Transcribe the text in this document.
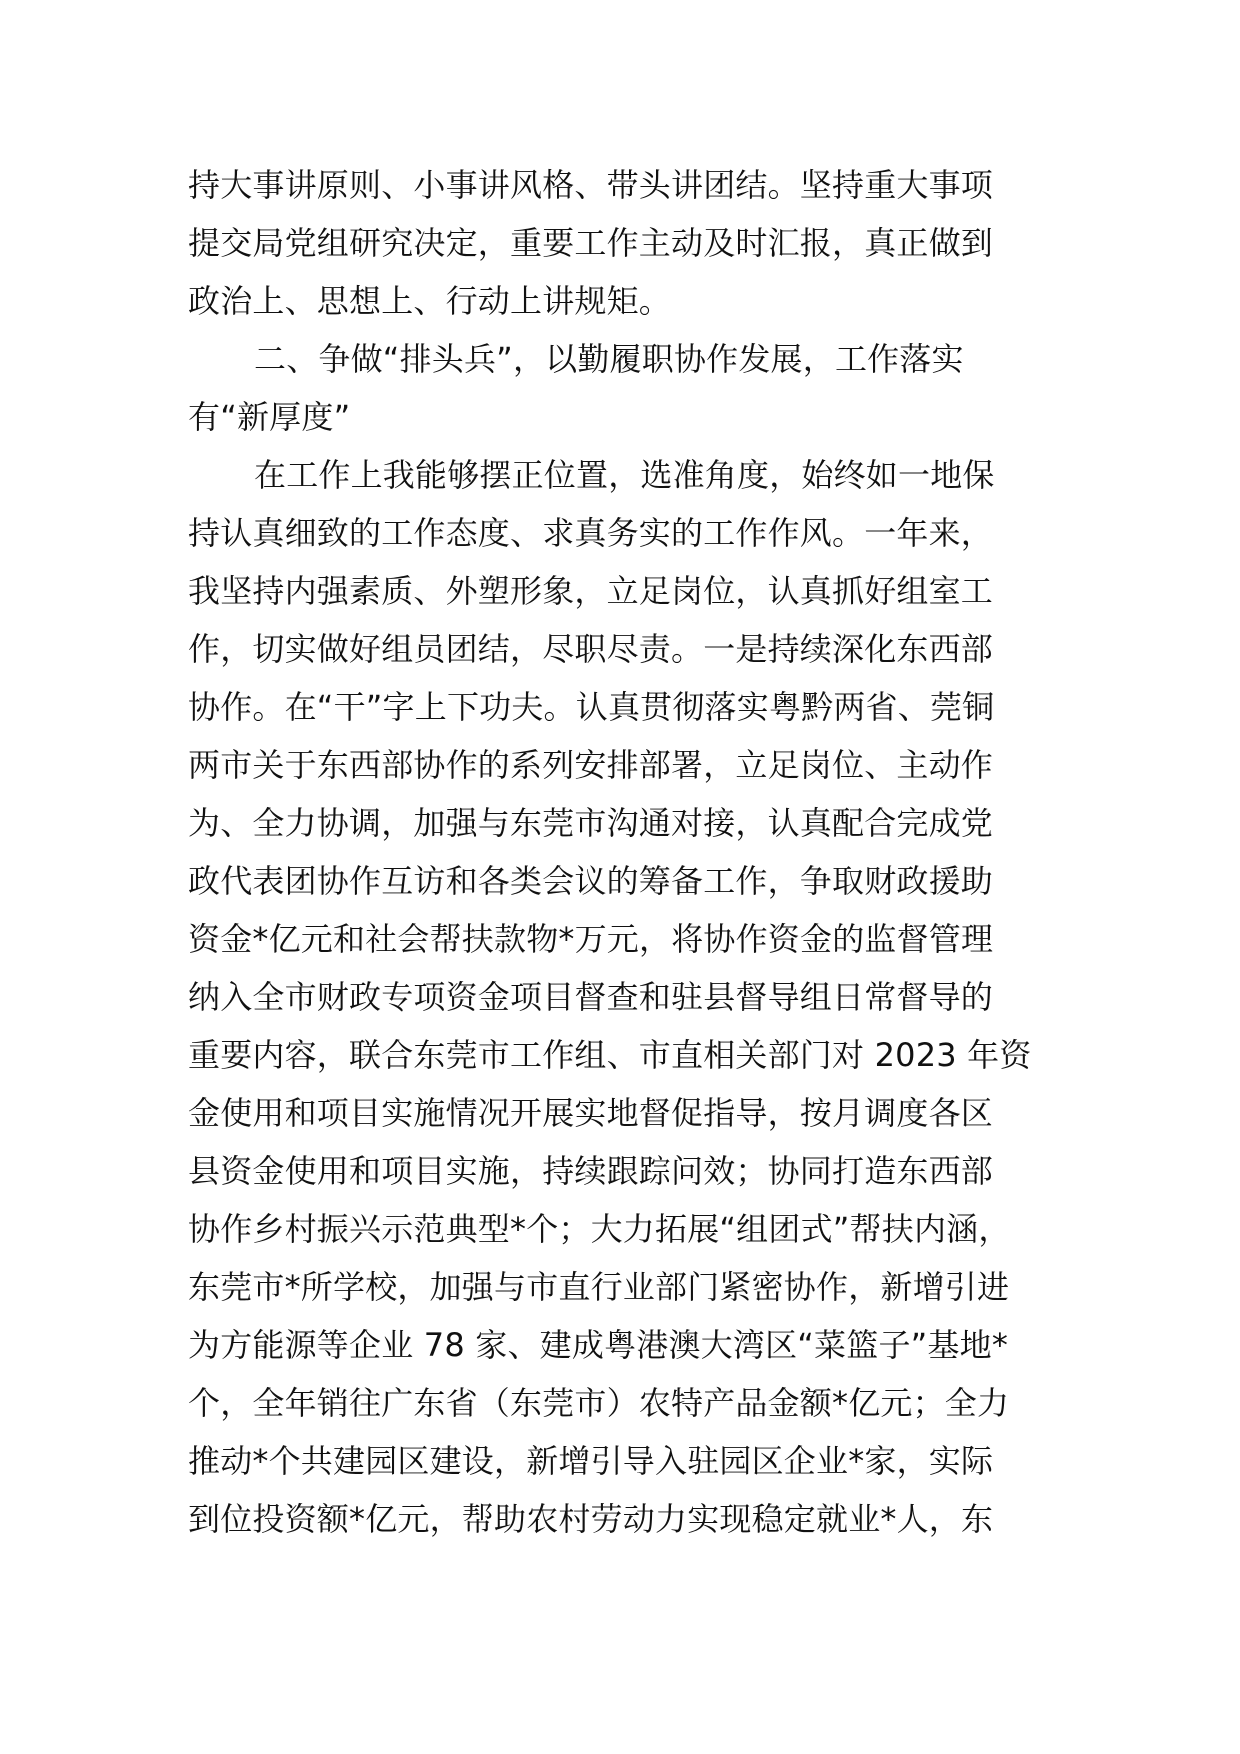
持大事讲原则、小事讲风格、带头讲团结。坚持重大事项
提交局党组研究决定，重要工作主动及时汇报，真正做到
政治上、思想上、行动上讲规矩。
二、争做“排头兵”，以勤履职协作发展，工作落实
有“新厚度”
在工作上我能够摆正位置，选准角度，始终如一地保
持认真细致的工作态度、求真务实的工作作风。一年来，
我坚持内强素质、外塑形象，立足岗位，认真抓好组室工
作，切实做好组员团结，尽职尽责。一是持续深化东西部
协作。在“干”字上下功夫。认真贯彻落实粤黔两省、莞铜
两市关于东西部协作的系列安排部署，立足岗位、主动作
为、全力协调，加强与东莞市沟通对接，认真配合完成党
政代表团协作互访和各类会议的筹备工作，争取财政援助
资金*亿元和社会帮扶款物*万元，将协作资金的监督管理
纳入全市财政专项资金项目督查和驻县督导组日常督导的
重要内容，联合东莞市工作组、市直相关部门对 2023 年资
金使用和项目实施情况开展实地督促指导，按月调度各区
县资金使用和项目实施，持续跟踪问效；协同打造东西部
协作乡村振兴示范典型*个；大力拓展“组团式”帮扶内涵，
东莞市*所学校，加强与市直行业部门紧密协作，新增引进
为方能源等企业 78 家、建成粤港澳大湾区“菜篮子”基地*
个，全年销往广东省（东莞市）农特产品金额*亿元；全力
推动*个共建园区建设，新增引导入驻园区企业*家，实际
到位投资额*亿元，帮助农村劳动力实现稳定就业*人，东
